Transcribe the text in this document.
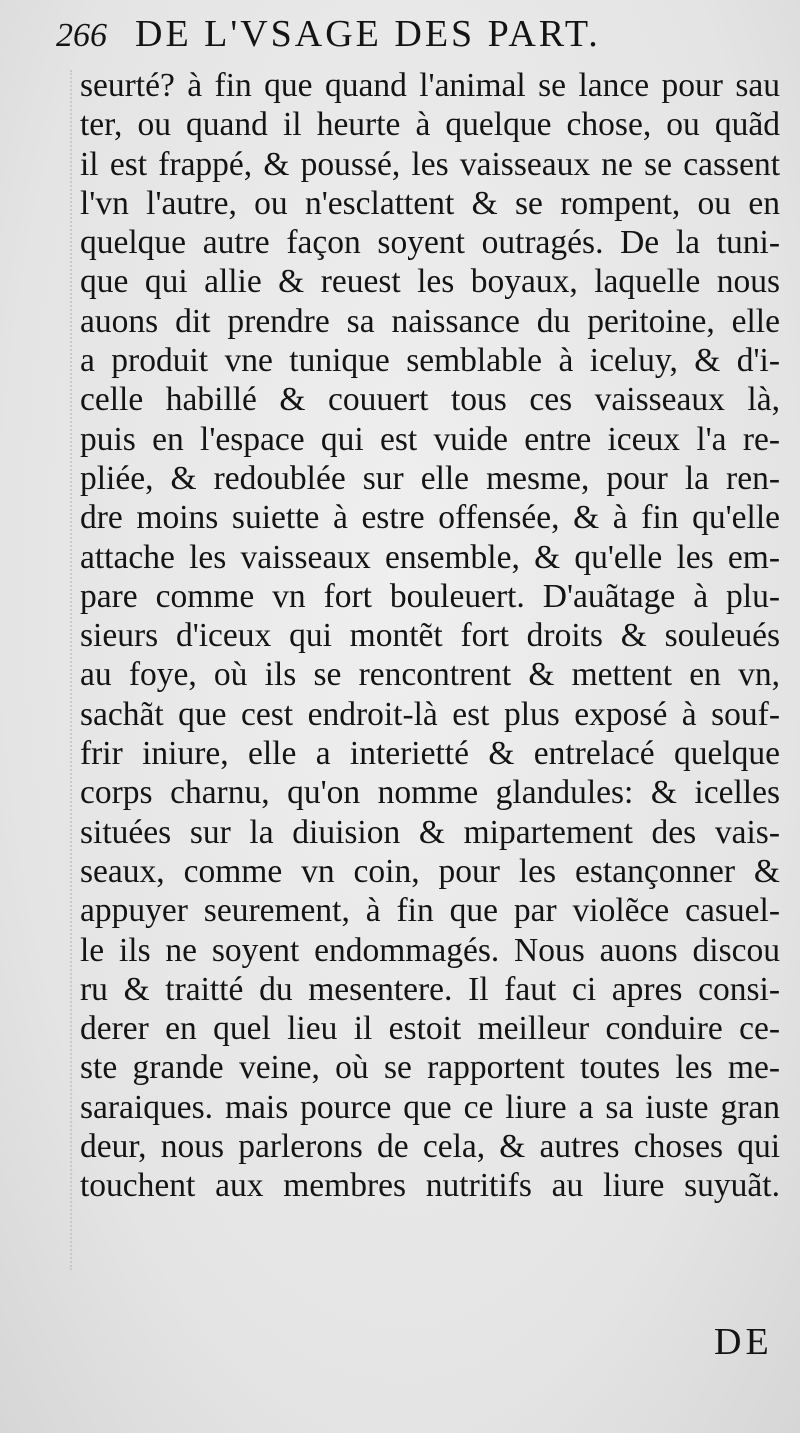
266 DE L'VSAGE DES PART.
seurté? à fin que quand l'animal se lance pour sau
ter, ou quand il heurte à quelque chose, ou quãd
il est frappé, & poussé, les vaisseaux ne se cassent
l'vn l'autre, ou n'esclattent & se rompent, ou en
quelque autre façon soyent outragés. De la tuni-
que qui allie & reuest les boyaux, laquelle nous
auons dit prendre sa naissance du peritoine, elle
a produit vne tunique semblable à iceluy, & d'i-
celle habillé & couuert tous ces vaisseaux là,
puis en l'espace qui est vuide entre iceux l'a re-
pliée, & redoublée sur elle mesme, pour la ren-
dre moins suiette à estre offensée, & à fin qu'elle
attache les vaisseaux ensemble, & qu'elle les em-
pare comme vn fort bouleuert. D'auãtage à plu-
sieurs d'iceux qui montẽt fort droits & souleués
au foye, où ils se rencontrent & mettent en vn,
sachãt que cest endroit-là est plus exposé à souf-
frir iniure, elle a interietté & entrelacé quelque
corps charnu, qu'on nomme glandules: & icelles
situées sur la diuision & mipartement des vais-
seaux, comme vn coin, pour les estançonner &
appuyer seurement, à fin que par violẽce casuel-
le ils ne soyent endommagés. Nous auons discou
ru & traitté du mesentere. Il faut ci apres consi-
derer en quel lieu il estoit meilleur conduire ce-
ste grande veine, où se rapportent toutes les me-
saraiques. mais pource que ce liure a sa iuste gran
deur, nous parlerons de cela, & autres choses qui
touchent aux membres nutritifs au liure suyuãt.
DE
